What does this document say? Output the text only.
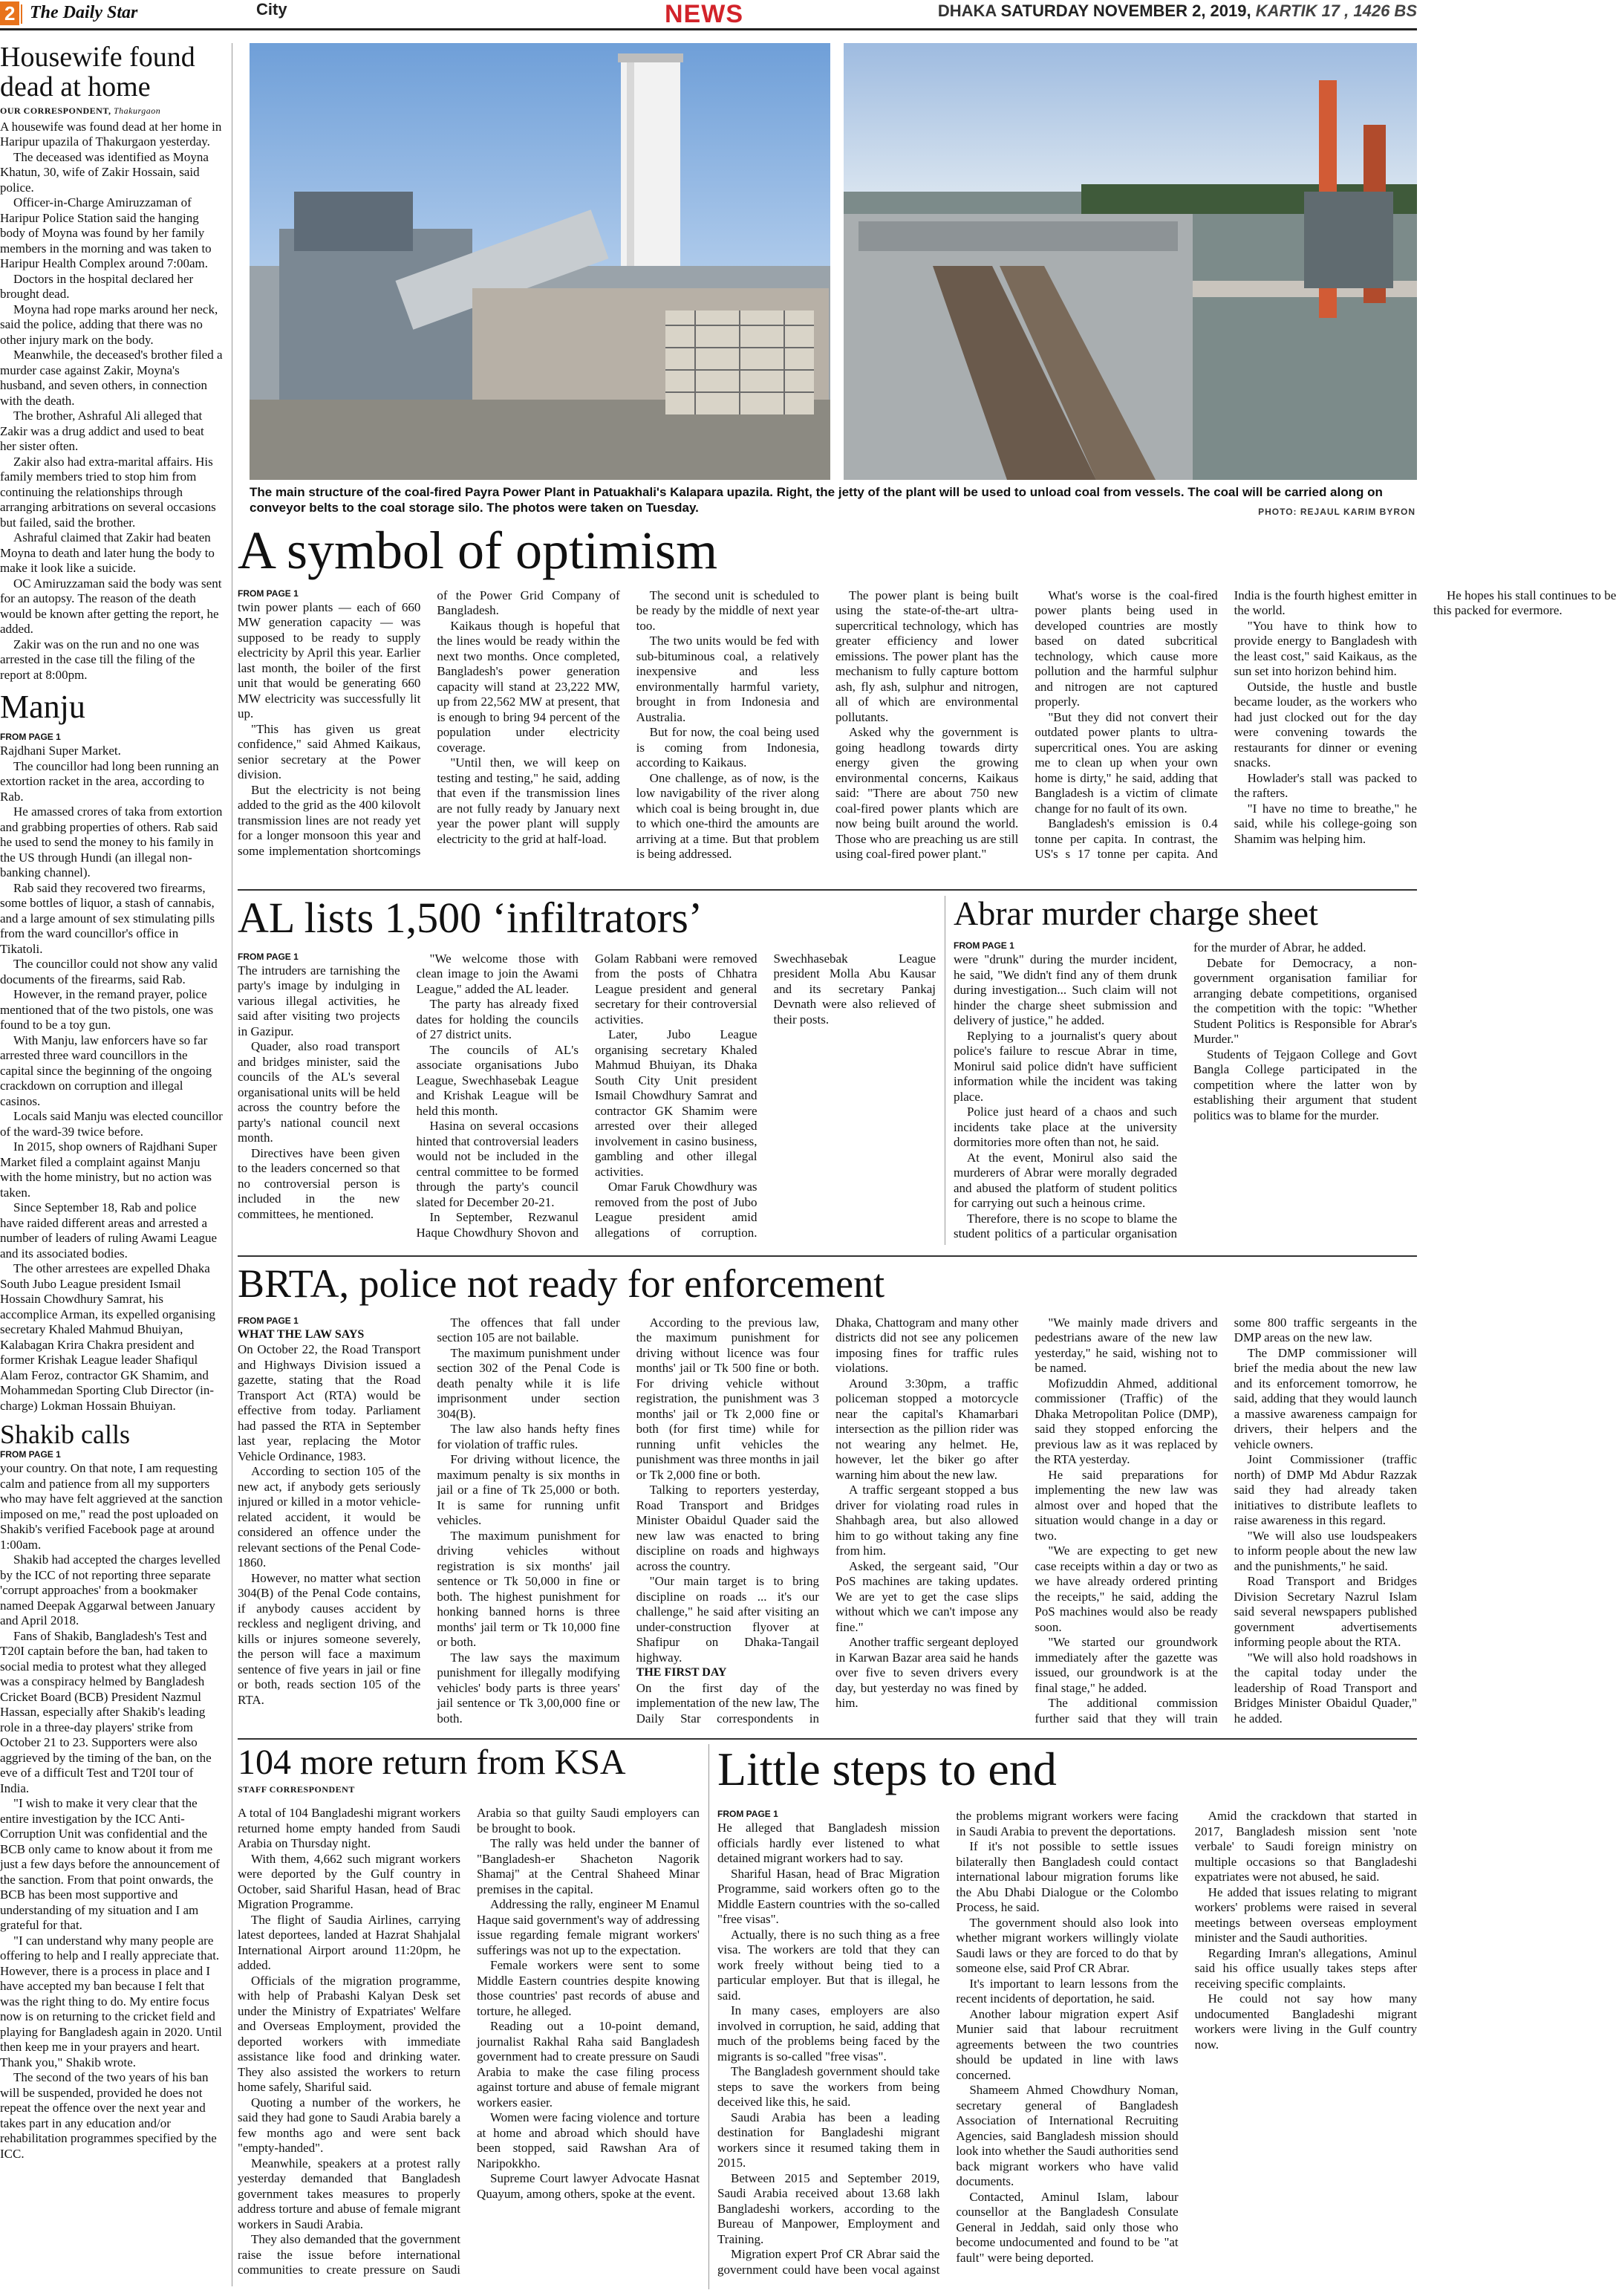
2 The Daily Star	City	NEWS	DHAKA SATURDAY NOVEMBER 2, 2019, KARTIK 17 , 1426 BS
Housewife found dead at home
OUR CORRESPONDENT, Thakurgaon

A housewife was found dead at her home in Haripur upazila of Thakurgaon yesterday.

The deceased was identified as Moyna Khatun, 30, wife of Zakir Hossain, said police.

Officer-in-Charge Amiruzzaman of Haripur Police Station said the hanging body of Moyna was found by her family members in the morning and was taken to Haripur Health Complex around 7:00am.

Doctors in the hospital declared her brought dead.

Moyna had rope marks around her neck, said the police, adding that there was no other injury mark on the body.

Meanwhile, the deceased's brother filed a murder case against Zakir, Moyna's husband, and seven others, in connection with the death.

The brother, Ashraful Ali alleged that Zakir was a drug addict and used to beat her sister often.

Zakir also had extra-marital affairs. His family members tried to stop him from continuing the relationships through arranging arbitrations on several occasions but failed, said the brother.

Ashraful claimed that Zakir had beaten Moyna to death and later hung the body to make it look like a suicide.

OC Amiruzzaman said the body was sent for an autopsy. The reason of the death would be known after getting the report, he added.

Zakir was on the run and no one was arrested in the case till the filing of the report at 8:00pm.

Manju
FROM PAGE 1

Rajdhani Super Market.

The councillor had long been running an extortion racket in the area, according to Rab.

He amassed crores of taka from extortion and grabbing properties of others. Rab said he used to send the money to his family in the US through Hundi (an illegal non-banking channel).

Rab said they recovered two firearms, some bottles of liquor, a stash of cannabis, and a large amount of sex stimulating pills from the ward councillor's office in Tikatoli.

The councillor could not show any valid documents of the firearms, said Rab.

However, in the remand prayer, police mentioned that of the two pistols, one was found to be a toy gun.

With Manju, law enforcers have so far arrested three ward councillors in the capital since the beginning of the ongoing crackdown on corruption and illegal casinos.

Locals said Manju was elected councillor of the ward-39 twice before.

In 2015, shop owners of Rajdhani Super Market filed a complaint against Manju with the home ministry, but no action was taken.

Since September 18, Rab and police have raided different areas and arrested a number of leaders of ruling Awami League and its associated bodies.

The other arrestees are expelled Dhaka South Jubo League president Ismail Hossain Chowdhury Samrat, his accomplice Arman, its expelled organising secretary Khaled Mahmud Bhuiyan, Kalabagan Krira Chakra president and former Krishak League leader Shafiqul Alam Feroz, contractor GK Shamim, and Mohammedan Sporting Club Director (in-charge) Lokman Hossain Bhuiyan.

Shakib calls
FROM PAGE 1

your country. On that note, I am requesting calm and patience from all my supporters who may have felt aggrieved at the sanction imposed on me," read the post uploaded on Shakib's verified Facebook page at around 1:00am.

Shakib had accepted the charges levelled by the ICC of not reporting three separate 'corrupt approaches' from a bookmaker named Deepak Aggarwal between January and April 2018.

Fans of Shakib, Bangladesh's Test and T20I captain before the ban, had taken to social media to protest what they alleged was a conspiracy helmed by Bangladesh Cricket Board (BCB) President Nazmul Hassan, especially after Shakib's leading role in a three-day players' strike from October 21 to 23. Supporters were also aggrieved by the timing of the ban, on the eve of a difficult Test and T20I tour of India.

"I wish to make it very clear that the entire investigation by the ICC Anti-Corruption Unit was confidential and the BCB only came to know about it from me just a few days before the announcement of the sanction. From that point onwards, the BCB has been most supportive and understanding of my situation and I am grateful for that.

"I can understand why many people are offering to help and I really appreciate that. However, there is a process in place and I have accepted my ban because I felt that was the right thing to do. My entire focus now is on returning to the cricket field and playing for Bangladesh again in 2020. Until then keep me in your prayers and heart. Thank you," Shakib wrote.

The second of the two years of his ban will be suspended, provided he does not repeat the offence over the next year and takes part in any education and/or rehabilitation programmes specified by the ICC.

The main structure of the coal-fired Payra Power Plant in Patuakhali's Kalapara upazila. Right, the jetty of the plant will be used to unload coal from vessels. The coal will be carried along on conveyor belts to the coal storage silo. The photos were taken on Tuesday.	PHOTO: REJAUL KARIM BYRON
A symbol of optimism
FROM PAGE 1

twin power plants — each of 660 MW generation capacity — was supposed to be ready to supply electricity by April this year. Earlier last month, the boiler of the first unit that would be generating 660 MW electricity was successfully lit up.

"This has given us great confidence," said Ahmed Kaikaus, senior secretary at the Power division.

But the electricity is not being added to the grid as the 400 kilovolt transmission lines are not ready yet for a longer monsoon this year and some implementation shortcomings of the Power Grid Company of Bangladesh.

Kaikaus though is hopeful that the lines would be ready within the next two months. Once completed, Bangladesh's power generation capacity will stand at 23,222 MW, up from 22,562 MW at present, that is enough to bring 94 percent of the population under electricity coverage.

"Until then, we will keep on testing and testing," he said, adding that even if the transmission lines are not fully ready by January next year the power plant will supply electricity to the grid at half-load.

The second unit is scheduled to be ready by the middle of next year too.

The two units would be fed with sub-bituminous coal, a relatively inexpensive and less environmentally harmful variety, brought in from Indonesia and Australia.

But for now, the coal being used is coming from Indonesia, according to Kaikaus.

One challenge, as of now, is the low navigability of the river along which coal is being brought in, due to which one-third the amounts are arriving at a time. But that problem is being addressed.

The power plant is being built using the state-of-the-art ultra-supercritical technology, which has greater efficiency and lower emissions. The power plant has the mechanism to fully capture bottom ash, fly ash, sulphur and nitrogen, all of which are environmental pollutants.

Asked why the government is going headlong towards dirty energy given the growing environmental concerns, Kaikaus said: "There are about 750 new coal-fired power plants which are now being built around the world. Those who are preaching us are still using coal-fired power plant."

What's worse is the coal-fired power plants being used in developed countries are mostly based on dated subcritical technology, which cause more pollution and the harmful sulphur and nitrogen are not captured properly.

"But they did not convert their outdated power plants to ultra-supercritical ones. You are asking me to clean up when your own home is dirty," he said, adding that Bangladesh is a victim of climate change for no fault of its own.

Bangladesh's emission is 0.4 tonne per capita. In contrast, the US's s 17 tonne per capita. And India is the fourth highest emitter in the world.

"You have to think how to provide energy to Bangladesh with the least cost," said Kaikaus, as the sun set into horizon behind him.

Outside, the hustle and bustle became louder, as the workers who had just clocked out for the day were convening towards the restaurants for dinner or evening snacks.

Howlader's stall was packed to the rafters.

"I have no time to breathe," he said, while his college-going son Shamim was helping him.

He hopes his stall continues to be this packed for evermore.

AL lists 1,500 ‘infiltrators’
FROM PAGE 1

The intruders are tarnishing the party's image by indulging in various illegal activities, he said after visiting two projects in Gazipur.

Quader, also road transport and bridges minister, said the councils of the AL's several organisational units will be held across the country before the party's national council next month.

Directives have been given to the leaders concerned so that no controversial person is included in the new committees, he mentioned.

"We welcome those with clean image to join the Awami League," added the AL leader.

The party has already fixed dates for holding the councils of 27 district units.

The councils of AL's associate organisations Jubo League, Swechhasebak League and Krishak League will be held this month.

Hasina on several occasions hinted that controversial leaders would not be included in the central committee to be formed through the party's council slated for December 20-21.

In September, Rezwanul Haque Chowdhury Shovon and Golam Rabbani were removed from the posts of Chhatra League president and general secretary for their controversial activities.

Later, Jubo League organising secretary Khaled Mahmud Bhuiyan, its Dhaka South City Unit president Ismail Chowdhury Samrat and contractor GK Shamim were arrested over their alleged involvement in casino business, gambling and other illegal activities.

Omar Faruk Chowdhury was removed from the post of Jubo League president amid allegations of corruption. Swechhasebak League president Molla Abu Kausar and its secretary Pankaj Devnath were also relieved of their posts.

Abrar murder charge sheet
FROM PAGE 1

were "drunk" during the murder incident, he said, "We didn't find any of them drunk during investigation... Such claim will not hinder the charge sheet submission and delivery of justice," he added.

Replying to a journalist's query about police's failure to rescue Abrar in time, Monirul said police didn't have sufficient information while the incident was taking place.

Police just heard of a chaos and such incidents take place at the university dormitories more often than not, he said.

At the event, Monirul also said the murderers of Abrar were morally degraded and abused the platform of student politics for carrying out such a heinous crime.

Therefore, there is no scope to blame the student politics of a particular organisation for the murder of Abrar, he added.

Debate for Democracy, a non-government organisation familiar for arranging debate competitions, organised the competition with the topic: "Whether Student Politics is Responsible for Abrar's Murder."

Students of Tejgaon College and Govt Bangla College participated in the competition where the latter won by establishing their argument that student politics was to blame for the murder.

BRTA, police not ready for enforcement
FROM PAGE 1

WHAT THE LAW SAYS

On October 22, the Road Transport and Highways Division issued a gazette, stating that the Road Transport Act (RTA) would be effective from today. Parliament had passed the RTA in September last year, replacing the Motor Vehicle Ordinance, 1983.

According to section 105 of the new act, if anybody gets seriously injured or killed in a motor vehicle-related accident, it would be considered an offence under the relevant sections of the Penal Code-1860.

However, no matter what section 304(B) of the Penal Code contains, if anybody causes accident by reckless and negligent driving, and kills or injures someone severely, the person will face a maximum sentence of five years in jail or fine or both, reads section 105 of the RTA.

The offences that fall under section 105 are not bailable.

The maximum punishment under section 302 of the Penal Code is death penalty while it is life imprisonment under section 304(B).

The law also hands hefty fines for violation of traffic rules.

For driving without licence, the maximum penalty is six months in jail or a fine of Tk 25,000 or both. It is same for running unfit vehicles.

The maximum punishment for driving vehicles without registration is six months' jail sentence or Tk 50,000 in fine or both. The highest punishment for honking banned horns is three months' jail term or Tk 10,000 fine or both.

The law says the maximum punishment for illegally modifying vehicles' body parts is three years' jail sentence or Tk 3,00,000 fine or both.

According to the previous law, the maximum punishment for driving without licence was four months' jail or Tk 500 fine or both. For driving vehicle without registration, the punishment was 3 months' jail or Tk 2,000 fine or both (for first time) while for running unfit vehicles the punishment was three months in jail or Tk 2,000 fine or both.

Talking to reporters yesterday, Road Transport and Bridges Minister Obaidul Quader said the new law was enacted to bring discipline on roads and highways across the country.

"Our main target is to bring discipline on roads ... it's our challenge," he said after visiting an under-construction flyover at Shafipur on Dhaka-Tangail highway.

THE FIRST DAY

On the first day of the implementation of the new law, The Daily Star correspondents in Dhaka, Chattogram and many other districts did not see any policemen imposing fines for traffic rules violations.

Around 3:30pm, a traffic policeman stopped a motorcycle near the capital's Khamarbari intersection as the pillion rider was not wearing any helmet. He, however, let the biker go after warning him about the new law.

A traffic sergeant stopped a bus driver for violating road rules in Shahbagh area, but also allowed him to go without taking any fine from him.

Asked, the sergeant said, "Our PoS machines are taking updates. We are yet to get the case slips without which we can't impose any fine."

Another traffic sergeant deployed in Karwan Bazar area said he hands over five to seven drivers every day, but yesterday no was fined by him.

"We mainly made drivers and pedestrians aware of the new law yesterday," he said, wishing not to be named.

Mofizuddin Ahmed, additional commissioner (Traffic) of the Dhaka Metropolitan Police (DMP), said they stopped enforcing the previous law as it was replaced by the RTA yesterday.

He said preparations for implementing the new law was almost over and hoped that the situation would change in a day or two.

"We are expecting to get new case receipts within a day or two as we have already ordered printing the receipts," he said, adding the PoS machines would also be ready soon.

"We started our groundwork immediately after the gazette was issued, our groundwork is at the final stage," he added.

The additional commission further said that they will train some 800 traffic sergeants in the DMP areas on the new law.

The DMP commissioner will brief the media about the new law and its enforcement tomorrow, he said, adding that they would launch a massive awareness campaign for drivers, their helpers and the vehicle owners.

Joint Commissioner (traffic north) of DMP Md Abdur Razzak said they had already taken initiatives to distribute leaflets to raise awareness in this regard.

"We will also use loudspeakers to inform people about the new law and the punishments," he said.

Road Transport and Bridges Division Secretary Nazrul Islam said several newspapers published government advertisements informing people about the RTA.

"We will also hold roadshows in the capital today under the leadership of Road Transport and Bridges Minister Obaidul Quader," he added.

104 more return from KSA
STAFF CORRESPONDENT

A total of 104 Bangladeshi migrant workers returned home empty handed from Saudi Arabia on Thursday night.

With them, 4,662 such migrant workers were deported by the Gulf country in October, said Shariful Hasan, head of Brac Migration Programme.

The flight of Saudia Airlines, carrying latest deportees, landed at Hazrat Shahjalal International Airport around 11:20pm, he added.

Officials of the migration programme, with help of Prabashi Kalyan Desk set under the Ministry of Expatriates' Welfare and Overseas Employment, provided the deported workers with immediate assistance like food and drinking water. They also assisted the workers to return home safely, Shariful said.

Quoting a number of the workers, he said they had gone to Saudi Arabia barely a few months ago and were sent back "empty-handed".

Meanwhile, speakers at a protest rally yesterday demanded that Bangladesh government takes measures to properly address torture and abuse of female migrant workers in Saudi Arabia.

They also demanded that the government raise the issue before international communities to create pressure on Saudi Arabia so that guilty Saudi employers can be brought to book.

The rally was held under the banner of "Bangladesh-er Shacheton Nagorik Shamaj" at the Central Shaheed Minar premises in the capital.

Addressing the rally, engineer M Enamul Haque said government's way of addressing issue regarding female migrant workers' sufferings was not up to the expectation.

Female workers were sent to some Middle Eastern countries despite knowing those countries' past records of abuse and torture, he alleged.

Reading out a 10-point demand, journalist Rakhal Raha said Bangladesh government had to create pressure on Saudi Arabia to make the case filing process against torture and abuse of female migrant workers easier.

Women were facing violence and torture at home and abroad which should have been stopped, said Rawshan Ara of Naripokkho.

Supreme Court lawyer Advocate Hasnat Quayum, among others, spoke at the event.

Little steps to end
FROM PAGE 1

He alleged that Bangladesh mission officials hardly ever listened to what detained migrant workers had to say.

Shariful Hasan, head of Brac Migration Programme, said workers often go to the Middle Eastern countries with the so-called "free visas".

Actually, there is no such thing as a free visa. The workers are told that they can work freely without being tied to a particular employer. But that is illegal, he said.

In many cases, employers are also involved in corruption, he said, adding that much of the problems being faced by the migrants is so-called "free visas".

The Bangladesh government should take steps to save the workers from being deceived like this, he said.

Saudi Arabia has been a leading destination for Bangladeshi migrant workers since it resumed taking them in 2015.

Between 2015 and September 2019, Saudi Arabia received about 13.68 lakh Bangladeshi workers, according to the Bureau of Manpower, Employment and Training.

Migration expert Prof CR Abrar said the government could have been vocal against the problems migrant workers were facing in Saudi Arabia to prevent the deportations.

If it's not possible to settle issues bilaterally then Bangladesh could contact international labour migration forums like the Abu Dhabi Dialogue or the Colombo Process, he said.

The government should also look into whether migrant workers willingly violate Saudi laws or they are forced to do that by someone else, said Prof CR Abrar.

It's important to learn lessons from the recent incidents of deportation, he said.

Another labour migration expert Asif Munier said that labour recruitment agreements between the two countries should be updated in line with laws concerned.

Shameem Ahmed Chowdhury Noman, secretary general of Bangladesh Association of International Recruiting Agencies, said Bangladesh mission should look into whether the Saudi authorities send back migrant workers who have valid documents.

Contacted, Aminul Islam, labour counsellor at the Bangladesh Consulate General in Jeddah, said only those who become undocumented and found to be "at fault" were being deported.

Amid the crackdown that started in 2017, Bangladesh mission sent 'note verbale' to Saudi foreign ministry on multiple occasions so that Bangladeshi expatriates were not abused, he said.

He added that issues relating to migrant workers' problems were raised in several meetings between overseas employment minister and the Saudi authorities.

Regarding Imran's allegations, Aminul said his office usually takes steps after receiving specific complaints.

He could not say how many undocumented Bangladeshi migrant workers were living in the Gulf country now.
